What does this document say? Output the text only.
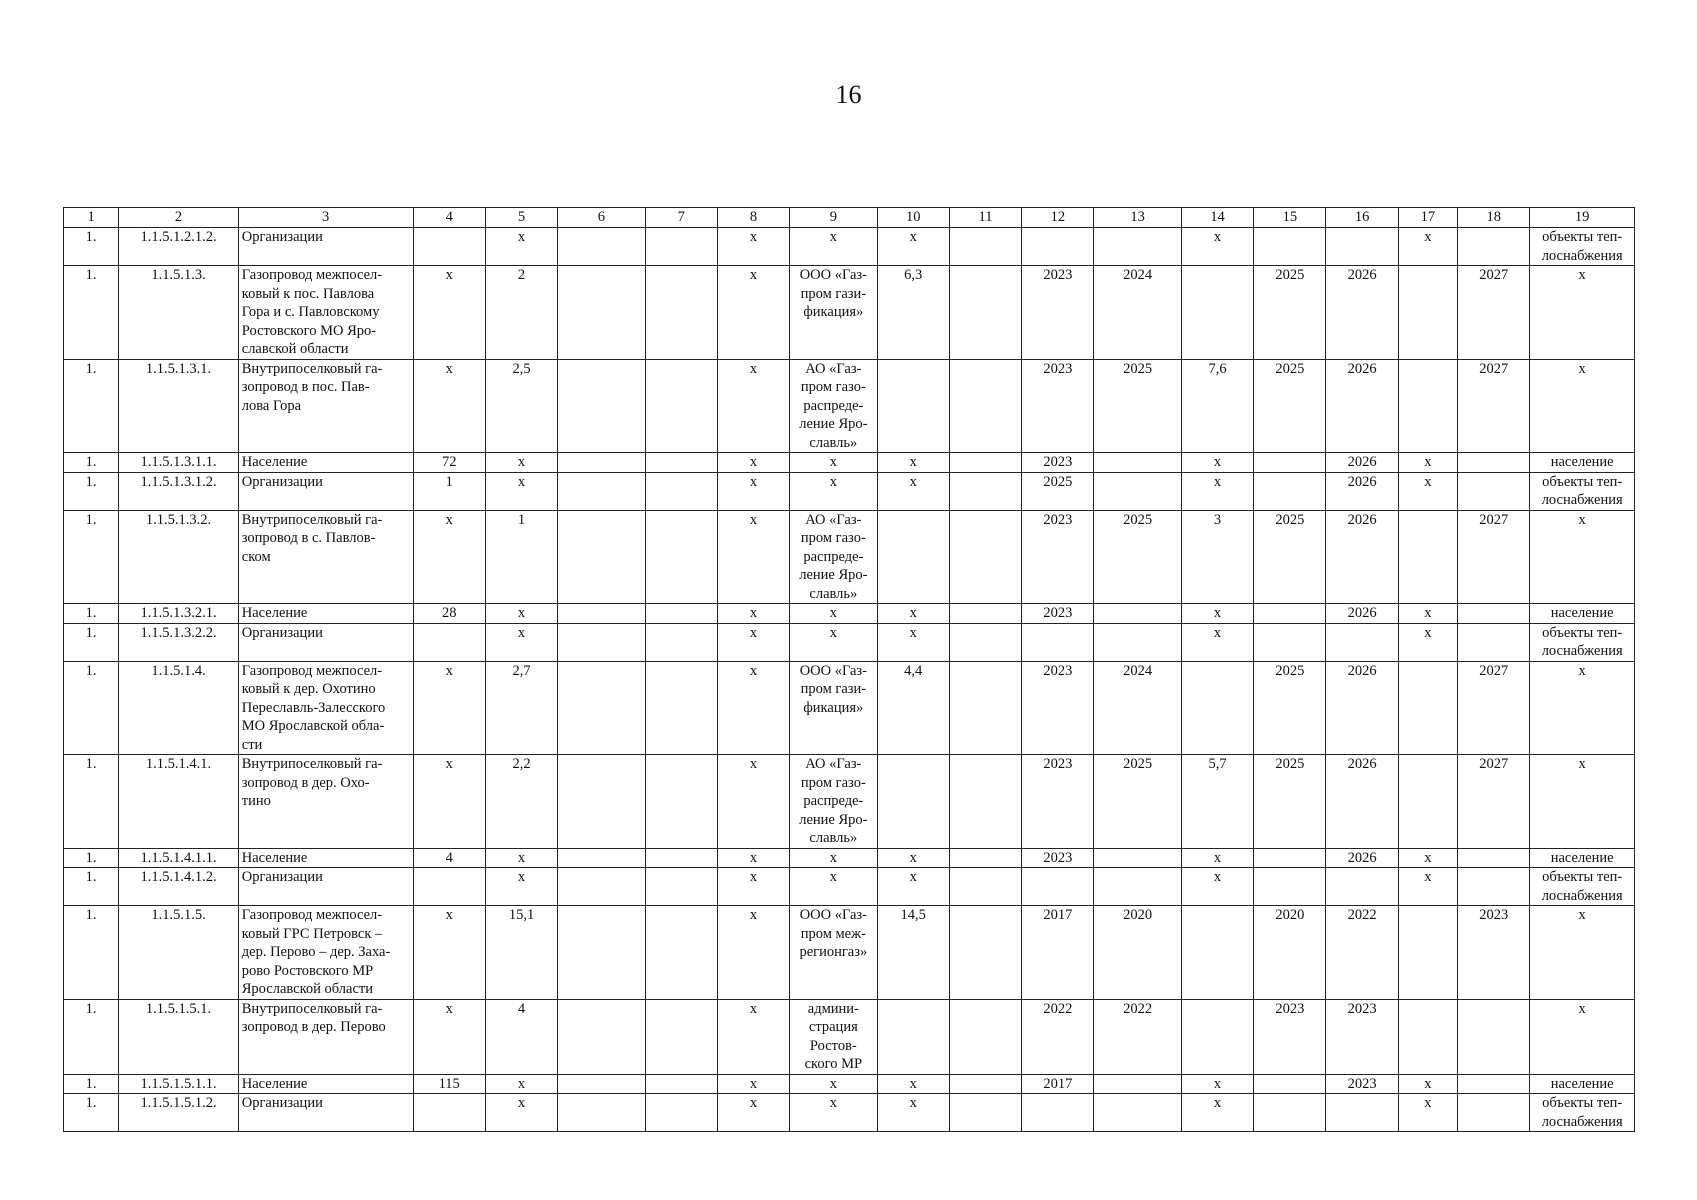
16
1	2	3	4	5	6	7	8	9	10	11	12	13	14	15	16	17	18	19
1.	1.1.5.1.2.1.2.	Организации		х			х	х	х				х			х		объекты теп-
лоснабжения
1.	1.1.5.1.3.	Газопровод межпосел-
ковый к пос. Павлова
Гора и с. Павловскому
Ростовского МО Яро-
славской области	х	2			х	ООО «Газ-
пром гази-
фикация»	6,3		2023	2024		2025	2026		2027	х
1.	1.1.5.1.3.1.	Внутрипоселковый га-
зопровод в пос. Пав-
лова Гора	х	2,5			х	АО «Газ-
пром газо-
распреде-
ление Яро-
славль»			2023	2025	7,6	2025	2026		2027	х
1.	1.1.5.1.3.1.1.	Население	72	х			х	х	х		2023		х		2026	х		население
1.	1.1.5.1.3.1.2.	Организации	1	х			х	х	х		2025		х		2026	х		объекты теп-
лоснабжения
1.	1.1.5.1.3.2.	Внутрипоселковый га-
зопровод в с. Павлов-
ском	х	1			х	АО «Газ-
пром газо-
распреде-
ление Яро-
славль»			2023	2025	3	2025	2026		2027	х
1.	1.1.5.1.3.2.1.	Население	28	х			х	х	х		2023		х		2026	х		население
1.	1.1.5.1.3.2.2.	Организации		х			х	х	х				х			х		объекты теп-
лоснабжения
1.	1.1.5.1.4.	Газопровод межпосел-
ковый к дер. Охотино
Переславль-Залесского
МО Ярославской обла-
сти	х	2,7			х	ООО «Газ-
пром гази-
фикация»	4,4		2023	2024		2025	2026		2027	х
1.	1.1.5.1.4.1.	Внутрипоселковый га-
зопровод в дер. Охо-
тино	х	2,2			х	АО «Газ-
пром газо-
распреде-
ление Яро-
славль»			2023	2025	5,7	2025	2026		2027	х
1.	1.1.5.1.4.1.1.	Население	4	х			х	х	х		2023		х		2026	х		население
1.	1.1.5.1.4.1.2.	Организации		х			х	х	х				х			х		объекты теп-
лоснабжения
1.	1.1.5.1.5.	Газопровод межпосел-
ковый ГРС Петровск –
дер. Перово – дер. Заха-
рово Ростовского МР
Ярославской области	х	15,1			х	ООО «Газ-
пром меж-
регионгаз»	14,5		2017	2020		2020	2022		2023	х
1.	1.1.5.1.5.1.	Внутрипоселковый га-
зопровод в дер. Перово	х	4			х	админи-
страция
Ростов-
ского МР			2022	2022		2023	2023			х
1.	1.1.5.1.5.1.1.	Население	115	х			х	х	х		2017		х		2023	х		население
1.	1.1.5.1.5.1.2.	Организации		х			х	х	х				х			х		объекты теп-
лоснабжения
